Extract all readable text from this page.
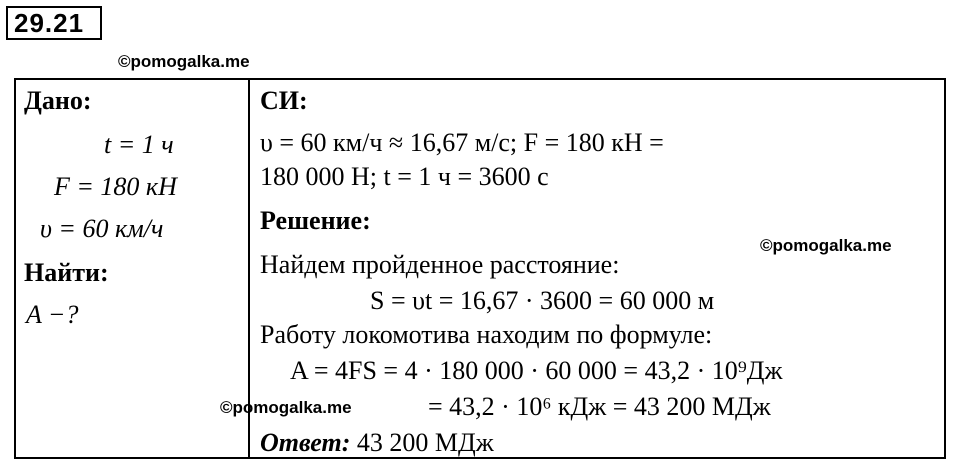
29.21
©pomogalka.me
Дано:
t = 1 ч
F = 180 кН
υ = 60 км/ч
Найти:
A −?
СИ:
υ = 60 км/ч ≈ 16,67 м/с; F = 180 кН =
180 000 Н; t = 1 ч = 3600 с
Решение:
©pomogalka.me
Найдем пройденное расстояние:
S = υt = 16,67 · 3600 = 60 000 м
Работу локомотива находим по формуле:
A = 4FS = 4 · 180 000 · 60 000 = 43,2 · 10⁹Дж
©pomogalka.me	= 43,2 · 10⁶ кДж = 43 200 МДж
Ответ: 43 200 МДж
